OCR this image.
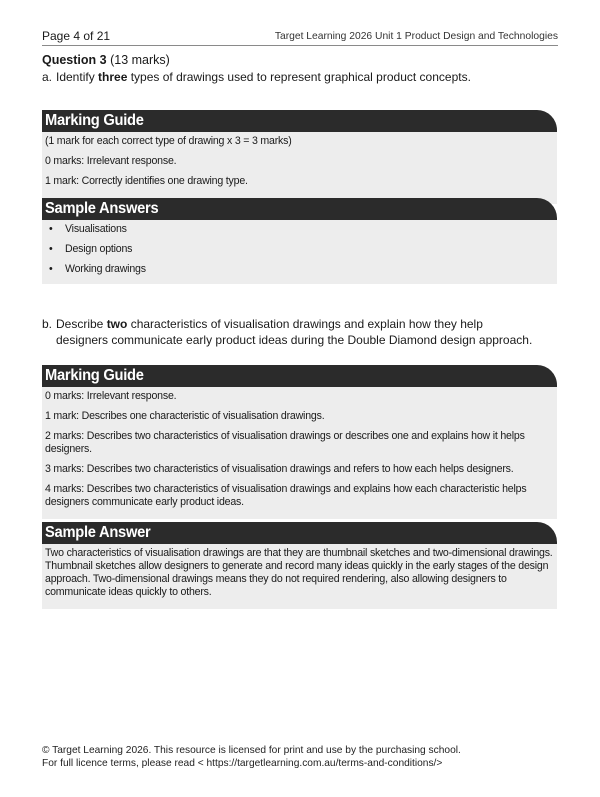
Page 4 of 21	Target Learning 2026 Unit 1 Product Design and Technologies
Question 3 (13 marks)
a. Identify three types of drawings used to represent graphical product concepts.
Marking Guide

(1 mark for each correct type of drawing x 3 = 3 marks)

0 marks: Irrelevant response.

1 mark: Correctly identifies one drawing type.

Sample Answers
• Visualisations
• Design options
• Working drawings
b. Describe two characteristics of visualisation drawings and explain how they help
designers communicate early product ideas during the Double Diamond design approach.
Marking Guide

0 marks: Irrelevant response.

1 mark: Describes one characteristic of visualisation drawings.

2 marks: Describes two characteristics of visualisation drawings or describes one and explains how it helps designers.

3 marks: Describes two characteristics of visualisation drawings and refers to how each helps designers.

4 marks: Describes two characteristics of visualisation drawings and explains how each characteristic helps designers communicate early product ideas.

Sample Answer

Two characteristics of visualisation drawings are that they are thumbnail sketches and two-dimensional drawings. Thumbnail sketches allow designers to generate and record many ideas quickly in the early stages of the design approach. Two-dimensional drawings means they do not required rendering, also allowing designers to communicate ideas quickly to others.

© Target Learning 2026. This resource is licensed for print and use by the purchasing school.
For full licence terms, please read < https://targetlearning.com.au/terms-and-conditions/>
